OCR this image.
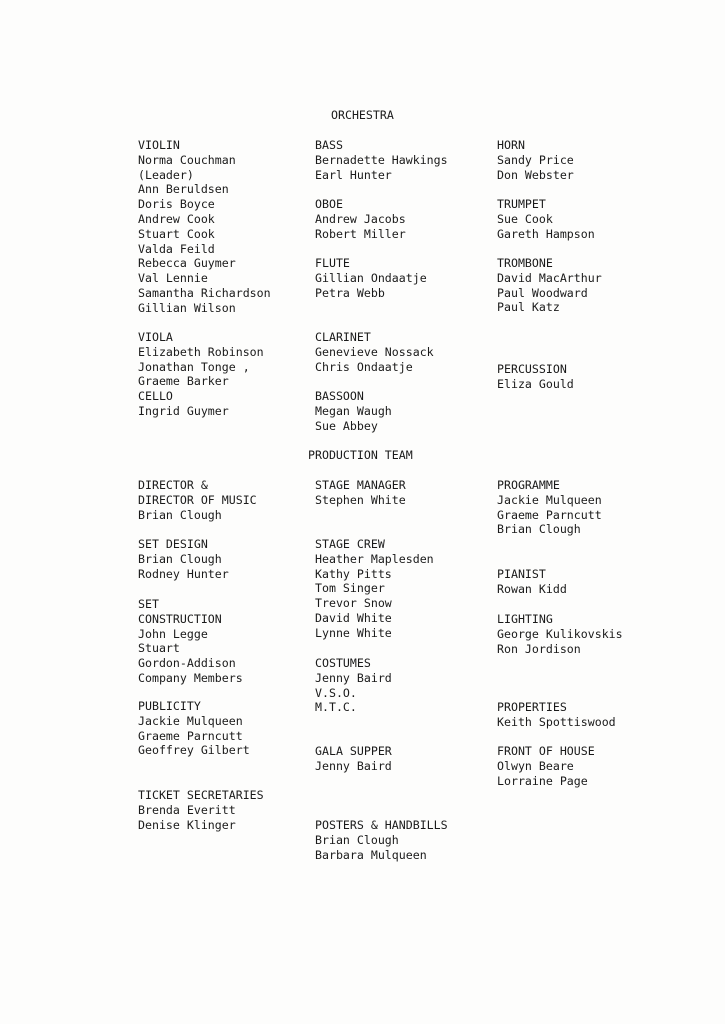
ORCHESTRA
PRODUCTION TEAM
VIOLIN
Norma Couchman
(Leader)
Ann Beruldsen
Doris Boyce
Andrew Cook
Stuart Cook
Valda Feild
Rebecca Guymer
Val Lennie
Samantha Richardson
Gillian Wilson
VIOLA
Elizabeth Robinson
Jonathan Tonge ,
Graeme Barker
CELLO
Ingrid Guymer
BASS
Bernadette Hawkings
Earl Hunter
OBOE
Andrew Jacobs
Robert Miller
FLUTE
Gillian Ondaatje
Petra Webb
CLARINET
Genevieve Nossack
Chris Ondaatje
BASSOON
Megan Waugh
Sue Abbey
HORN
Sandy Price
Don Webster
TRUMPET
Sue Cook
Gareth Hampson
TROMBONE
David MacArthur
Paul Woodward
Paul Katz
PERCUSSION
Eliza Gould
DIRECTOR &
DIRECTOR OF MUSIC
Brian Clough
SET DESIGN
Brian Clough
Rodney Hunter
SET
CONSTRUCTION
John Legge
Stuart
Gordon-Addison
Company Members
PUBLICITY
Jackie Mulqueen
Graeme Parncutt
Geoffrey Gilbert
TICKET SECRETARIES
Brenda Everitt
Denise Klinger
STAGE MANAGER
Stephen White
STAGE CREW
Heather Maplesden
Kathy Pitts
Tom Singer
Trevor Snow
David White
Lynne White
COSTUMES
Jenny Baird
V.S.O.
M.T.C.
GALA SUPPER
Jenny Baird
POSTERS & HANDBILLS
Brian Clough
Barbara Mulqueen
PROGRAMME
Jackie Mulqueen
Graeme Parncutt
Brian Clough
PIANIST
Rowan Kidd
LIGHTING
George Kulikovskis
Ron Jordison
PROPERTIES
Keith Spottiswood
FRONT OF HOUSE
Olwyn Beare
Lorraine Page
